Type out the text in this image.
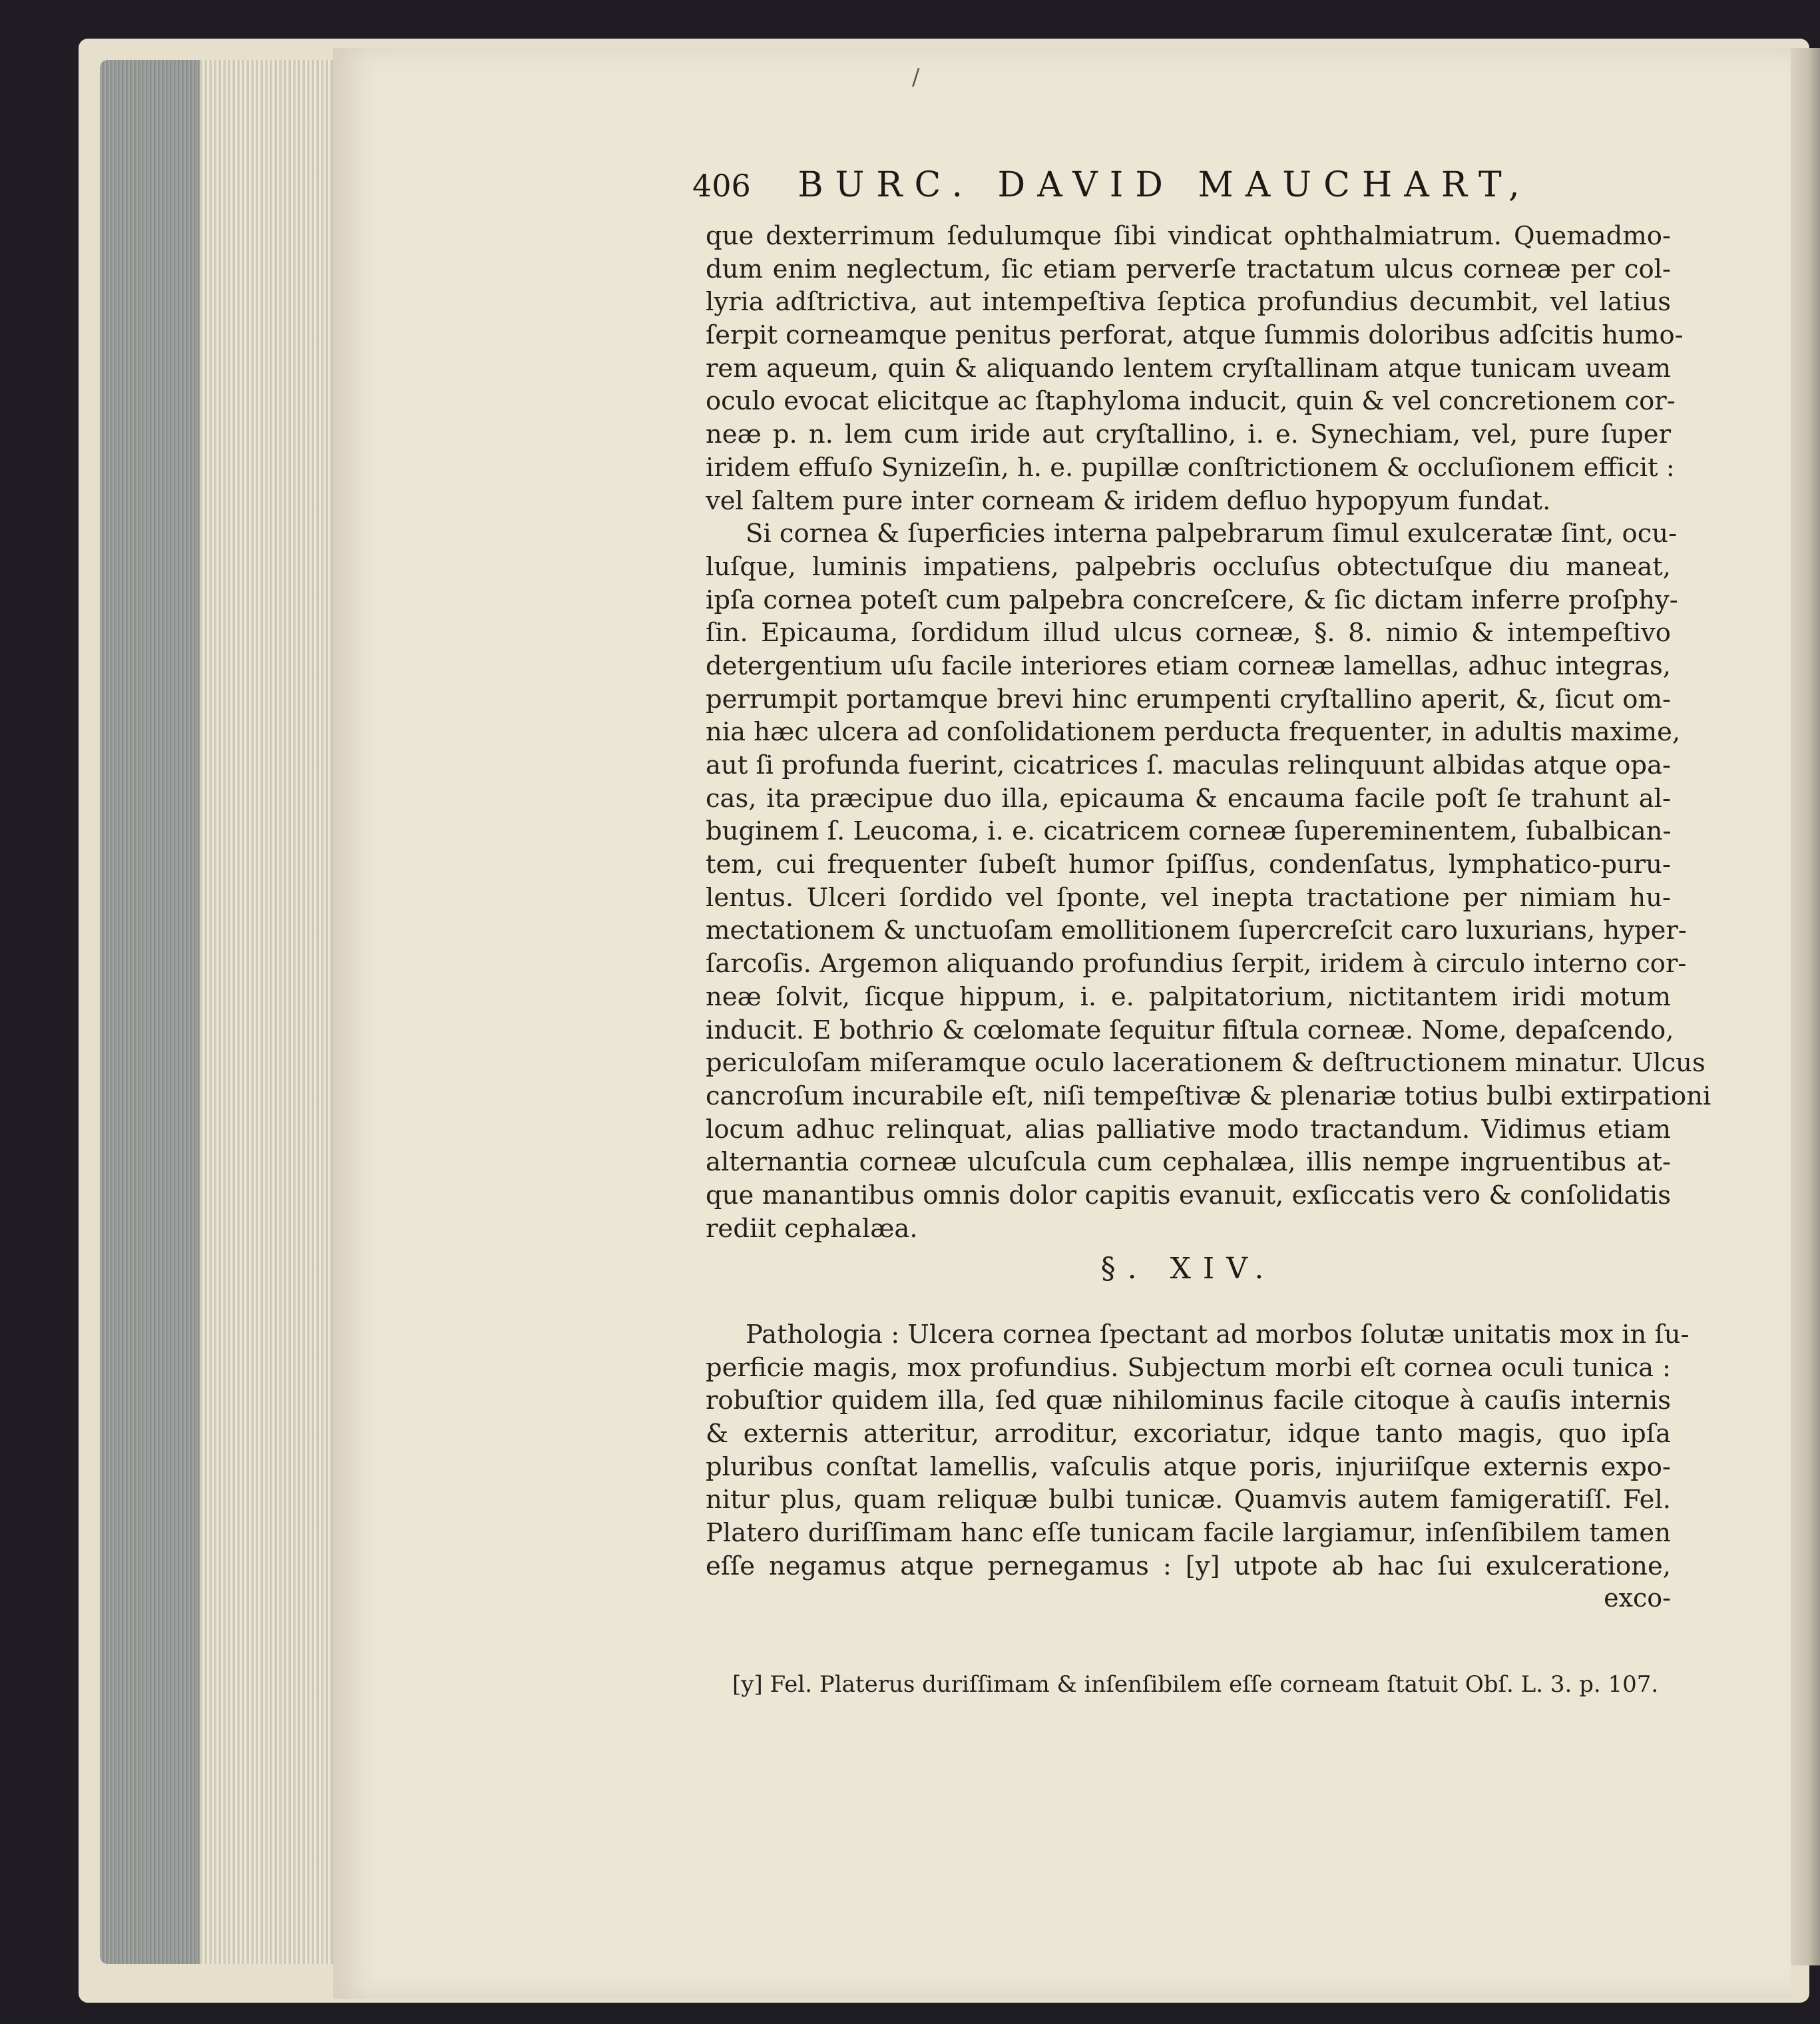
/
406 BURC. DAVID MAUCHART,
que dexterrimum ſedulumque ſibi vindicat ophthalmiatrum. Quemadmo-
dum enim neglectum, ſic etiam perverſe tractatum ulcus corneæ per col-
lyria adſtrictiva, aut intempeſtiva ſeptica profundius decumbit, vel latius
ſerpit corneamque penitus perforat, atque ſummis doloribus adſcitis humo-
rem aqueum, quin & aliquando lentem cryſtallinam atque tunicam uveam
oculo evocat elicitque ac ſtaphyloma inducit, quin & vel concretionem cor-
neæ p. n. lem cum iride aut cryſtallino, i. e. Synechiam, vel, pure ſuper
iridem effuſo Synizeſin, h. e. pupillæ conſtrictionem & occluſionem efficit :
vel ſaltem pure inter corneam & iridem defluo hypopyum fundat.
Si cornea & ſuperficies interna palpebrarum ſimul exulceratæ ſint, ocu-
luſque, luminis impatiens, palpebris occluſus obtectuſque diu maneat,
ipſa cornea poteſt cum palpebra concreſcere, & ſic dictam inferre proſphy-
ſin. Epicauma, ſordidum illud ulcus corneæ, §. 8. nimio & intempeſtivo
detergentium uſu facile interiores etiam corneæ lamellas, adhuc integras,
perrumpit portamque brevi hinc erumpenti cryſtallino aperit, &, ſicut om-
nia hæc ulcera ad conſolidationem perducta frequenter, in adultis maxime,
aut ſi profunda fuerint, cicatrices ſ. maculas relinquunt albidas atque opa-
cas, ita præcipue duo illa, epicauma & encauma facile poſt ſe trahunt al-
buginem ſ. Leucoma, i. e. cicatricem corneæ ſupereminentem, ſubalbican-
tem, cui frequenter ſubeſt humor ſpiſſus, condenſatus, lymphatico-puru-
lentus. Ulceri ſordido vel ſponte, vel inepta tractatione per nimiam hu-
mectationem & unctuoſam emollitionem ſupercreſcit caro luxurians, hyper-
ſarcoſis. Argemon aliquando profundius ſerpit, iridem à circulo interno cor-
neæ ſolvit, ſicque hippum, i. e. palpitatorium, nictitantem iridi motum
inducit. E bothrio & cœlomate ſequitur fiſtula corneæ. Nome, depaſcendo,
periculoſam miſeramque oculo lacerationem & deſtructionem minatur. Ulcus
cancroſum incurabile eſt, niſi tempeſtivæ & plenariæ totius bulbi extirpationi
locum adhuc relinquat, alias palliative modo tractandum. Vidimus etiam
alternantia corneæ ulcuſcula cum cephalæa, illis nempe ingruentibus at-
que manantibus omnis dolor capitis evanuit, exſiccatis vero & conſolidatis
rediit cephalæa.
§. XIV.
Pathologia : Ulcera cornea ſpectant ad morbos ſolutæ unitatis mox in ſu-
perficie magis, mox profundius. Subjectum morbi eſt cornea oculi tunica :
robuſtior quidem illa, ſed quæ nihilominus facile citoque à cauſis internis
& externis atteritur, arroditur, excoriatur, idque tanto magis, quo ipſa
pluribus conſtat lamellis, vaſculis atque poris, injuriiſque externis expo-
nitur plus, quam reliquæ bulbi tunicæ. Quamvis autem famigeratiſſ. Fel.
Platero duriſſimam hanc eſſe tunicam facile largiamur, inſenſibilem tamen
eſſe negamus atque pernegamus : [y] utpote ab hac ſui exulceratione,
exco-
[y] Fel. Platerus duriſſimam & inſenſibilem eſſe corneam ſtatuit Obſ. L. 3. p. 107.
